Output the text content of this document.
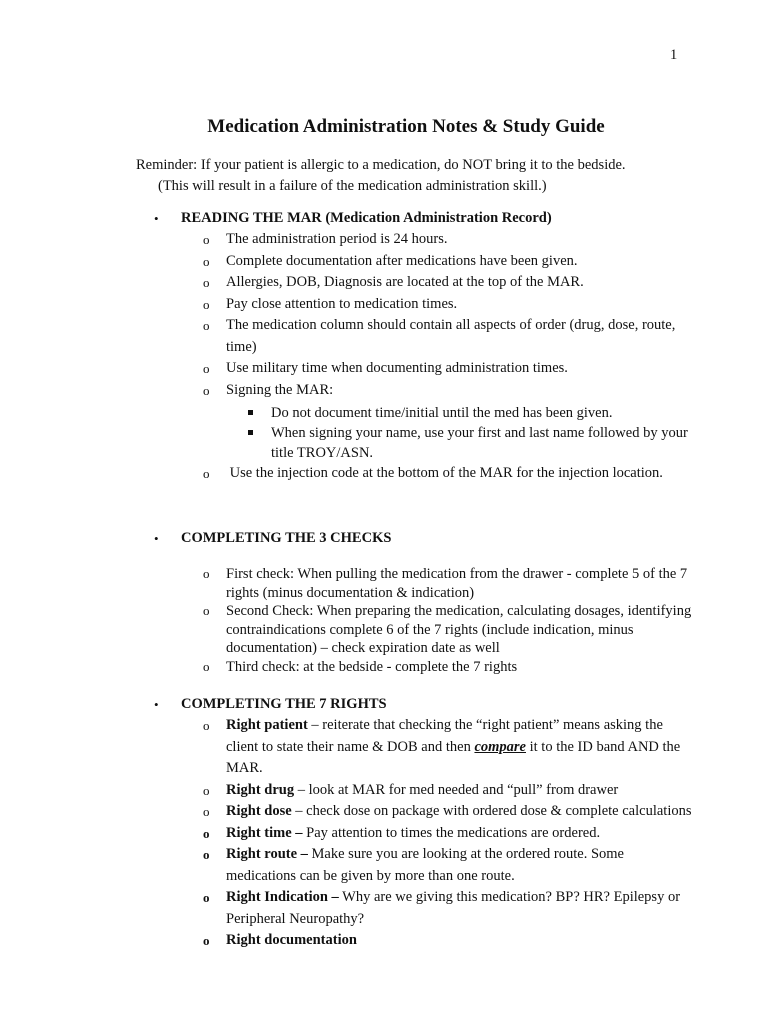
1
Medication Administration Notes & Study Guide
Reminder: If your patient is allergic to a medication, do NOT bring it to the bedside.
(This will result in a failure of the medication administration skill.)
• READING THE MAR (Medication Administration Record)
o The administration period is 24 hours.
o Complete documentation after medications have been given.
o Allergies, DOB, Diagnosis are located at the top of the MAR.
o Pay close attention to medication times.
o The medication column should contain all aspects of order (drug, dose, route, time)
o Use military time when documenting administration times.
o Signing the MAR:
Do not document time/initial until the med has been given.
When signing your name, use your first and last name followed by your title TROY/ASN.
o Use the injection code at the bottom of the MAR for the injection location.
• COMPLETING THE 3 CHECKS
o First check: When pulling the medication from the drawer - complete 5 of the 7 rights (minus documentation & indication)
o Second Check: When preparing the medication, calculating dosages, identifying contraindications complete 6 of the 7 rights (include indication, minus documentation) – check expiration date as well
o Third check: at the bedside - complete the 7 rights
• COMPLETING THE 7 RIGHTS
o Right patient – reiterate that checking the “right patient” means asking the client to state their name & DOB and then compare it to the ID band AND the MAR.
o Right drug – look at MAR for med needed and “pull” from drawer
o Right dose – check dose on package with ordered dose & complete calculations
o Right time – Pay attention to times the medications are ordered.
o Right route – Make sure you are looking at the ordered route. Some medications can be given by more than one route.
o Right Indication – Why are we giving this medication? BP? HR? Epilepsy or Peripheral Neuropathy?
o Right documentation
